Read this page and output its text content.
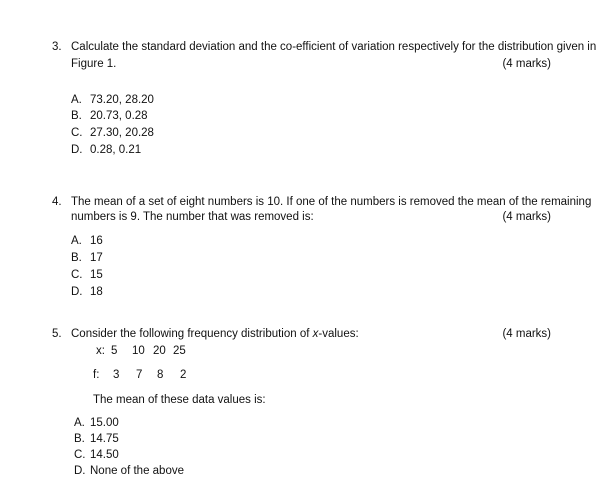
3. Calculate the standard deviation and the co-efficient of variation respectively for the distribution given in
Figure 1.	(4 marks)
A. 73.20, 28.20
B. 20.73, 0.28
C. 27.30, 20.28
D. 0.28, 0.21
4. The mean of a set of eight numbers is 10. If one of the numbers is removed the mean of the remaining
numbers is 9. The number that was removed is:	(4 marks)
A. 16
B. 17
C. 15
D. 18
5. Consider the following frequency distribution of x-values:	(4 marks)
x: 5 10 20 25
f: 3 7 8 2
The mean of these data values is:
A. 15.00
B. 14.75
C. 14.50
D. None of the above
